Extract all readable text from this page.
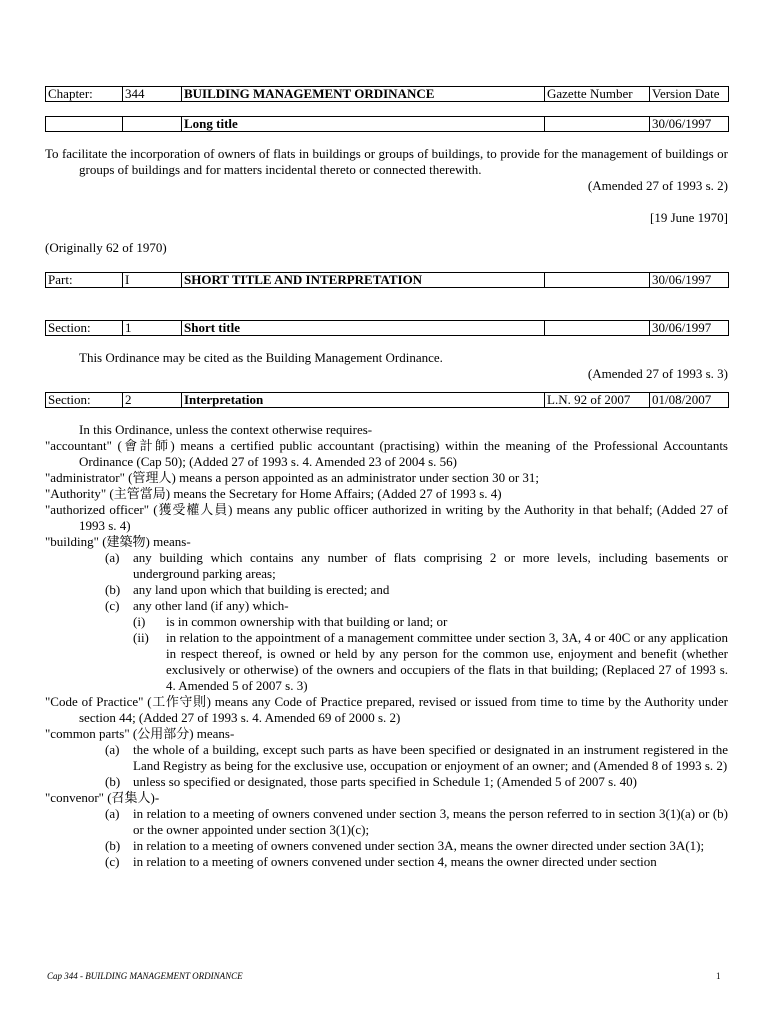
Chapter:	344	BUILDING MANAGEMENT ORDINANCE	Gazette Number	Version Date
		Long title		30/06/1997

To facilitate the incorporation of owners of flats in buildings or groups of buildings, to provide for the management of buildings or groups of buildings and for matters incidental thereto or connected therewith.

(Amended 27 of 1993 s. 2)

[19 June 1970]

(Originally 62 of 1970)

Part:	I	SHORT TITLE AND INTERPRETATION		30/06/1997
Section:	1	Short title		30/06/1997

This Ordinance may be cited as the Building Management Ordinance.

(Amended 27 of 1993 s. 3)

Section:	2	Interpretation	L.N. 92 of 2007	01/08/2007

In this Ordinance, unless the context otherwise requires-

"accountant" (會計師) means a certified public accountant (practising) within the meaning of the Professional Accountants Ordinance (Cap 50); (Added 27 of 1993 s. 4. Amended 23 of 2004 s. 56)

"administrator" (管理人) means a person appointed as an administrator under section 30 or 31;

"Authority" (主管當局) means the Secretary for Home Affairs; (Added 27 of 1993 s. 4)

"authorized officer" (獲受權人員) means any public officer authorized in writing by the Authority in that behalf; (Added 27 of 1993 s. 4)

"building" (建築物) means-

(a) any building which contains any number of flats comprising 2 or more levels, including basements or underground parking areas;
(b) any land upon which that building is erected; and
(c) any other land (if any) which-
(i) is in common ownership with that building or land; or
(ii) in relation to the appointment of a management committee under section 3, 3A, 4 or 40C or any application in respect thereof, is owned or held by any person for the common use, enjoyment and benefit (whether exclusively or otherwise) of the owners and occupiers of the flats in that building; (Replaced 27 of 1993 s. 4. Amended 5 of 2007 s. 3)

"Code of Practice" (工作守則) means any Code of Practice prepared, revised or issued from time to time by the Authority under section 44; (Added 27 of 1993 s. 4. Amended 69 of 2000 s. 2)

"common parts" (公用部分) means-

(a) the whole of a building, except such parts as have been specified or designated in an instrument registered in the Land Registry as being for the exclusive use, occupation or enjoyment of an owner; and (Amended 8 of 1993 s. 2)
(b) unless so specified or designated, those parts specified in Schedule 1; (Amended 5 of 2007 s. 40)

"convenor" (召集人)-

(a) in relation to a meeting of owners convened under section 3, means the person referred to in section 3(1)(a) or (b) or the owner appointed under section 3(1)(c);
(b) in relation to a meeting of owners convened under section 3A, means the owner directed under section 3A(1);
(c) in relation to a meeting of owners convened under section 4, means the owner directed under section
Cap 344 - BUILDING MANAGEMENT ORDINANCE	1
